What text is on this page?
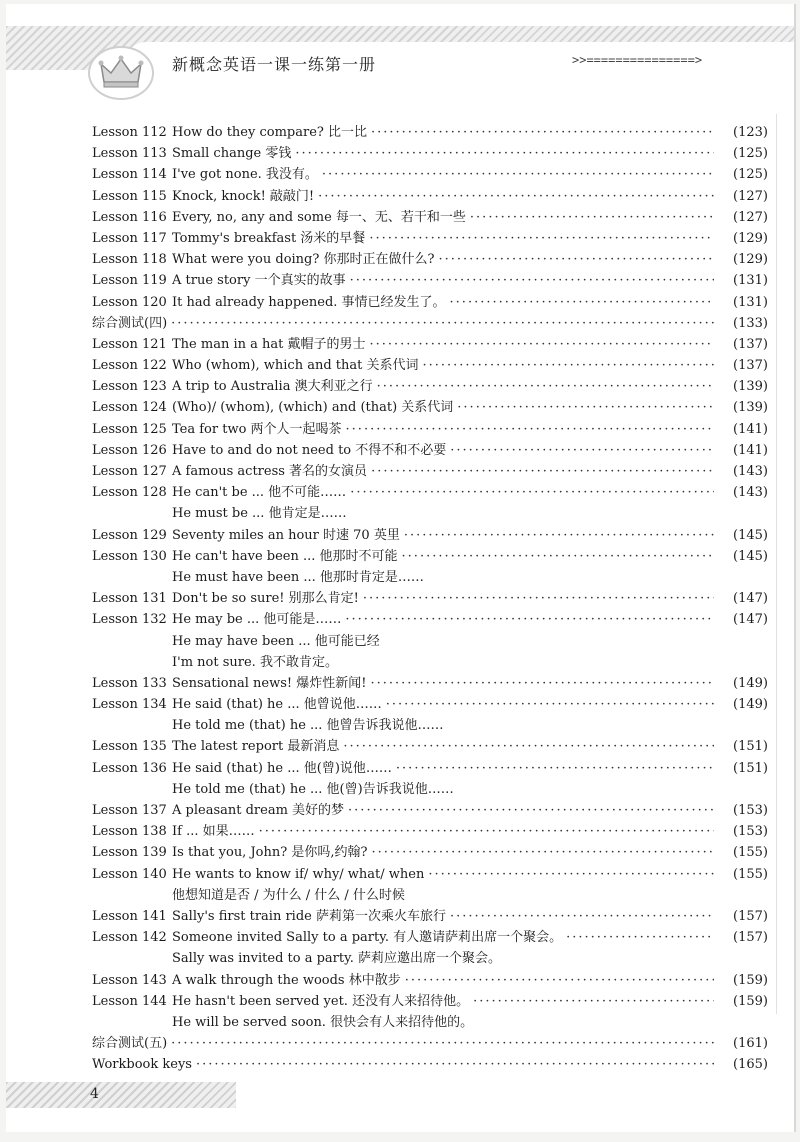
新概念英语一课一练第一册	>>===============>
Lesson 112 How do they compare? 比一比 ·····	(123)
Lesson 113 Small change 零钱 ·····	(125)
Lesson 114 I've got none. 我没有。 ·····	(125)
Lesson 115 Knock, knock! 敲敲门! ·····	(127)
Lesson 116 Every, no, any and some 每一、无、若干和一些 ·····	(127)
Lesson 117 Tommy's breakfast 汤米的早餐 ·····	(129)
Lesson 118 What were you doing? 你那时正在做什么? ·····	(129)
Lesson 119 A true story 一个真实的故事 ·····	(131)
Lesson 120 It had already happened. 事情已经发生了。 ·····	(131)
综合测试(四) ·····	(133)
Lesson 121 The man in a hat 戴帽子的男士 ·····	(137)
Lesson 122 Who (whom), which and that 关系代词 ·····	(137)
Lesson 123 A trip to Australia 澳大利亚之行 ·····	(139)
Lesson 124 (Who)/ (whom), (which) and (that) 关系代词 ·····	(139)
Lesson 125 Tea for two 两个人一起喝茶 ·····	(141)
Lesson 126 Have to and do not need to 不得不和不必要 ·····	(141)
Lesson 127 A famous actress 著名的女演员 ·····	(143)
Lesson 128 He can't be ... 他不可能…… ·····	(143)
He must be ... 他肯定是……
Lesson 129 Seventy miles an hour 时速 70 英里 ·····	(145)
Lesson 130 He can't have been ... 他那时不可能 ·····	(145)
He must have been ... 他那时肯定是……
Lesson 131 Don't be so sure! 别那么肯定! ·····	(147)
Lesson 132 He may be ... 他可能是…… ·····	(147)
He may have been ... 他可能已经
I'm not sure. 我不敢肯定。
Lesson 133 Sensational news! 爆炸性新闻! ·····	(149)
Lesson 134 He said (that) he ... 他曾说他…… ·····	(149)
He told me (that) he ... 他曾告诉我说他……
Lesson 135 The latest report 最新消息 ·····	(151)
Lesson 136 He said (that) he ... 他(曾)说他…… ·····	(151)
He told me (that) he ... 他(曾)告诉我说他……
Lesson 137 A pleasant dream 美好的梦 ·····	(153)
Lesson 138 If ... 如果…… ·····	(153)
Lesson 139 Is that you, John? 是你吗,约翰? ·····	(155)
Lesson 140 He wants to know if/ why/ what/ when ·····	(155)
他想知道是否 / 为什么 / 什么 / 什么时候
Lesson 141 Sally's first train ride 萨莉第一次乘火车旅行 ·····	(157)
Lesson 142 Someone invited Sally to a party. 有人邀请萨莉出席一个聚会。 ·····	(157)
Sally was invited to a party. 萨莉应邀出席一个聚会。
Lesson 143 A walk through the woods 林中散步 ·····	(159)
Lesson 144 He hasn't been served yet. 还没有人来招待他。 ·····	(159)
He will be served soon. 很快会有人来招待他的。
综合测试(五) ·····	(161)
Workbook keys ·····	(165)
4
